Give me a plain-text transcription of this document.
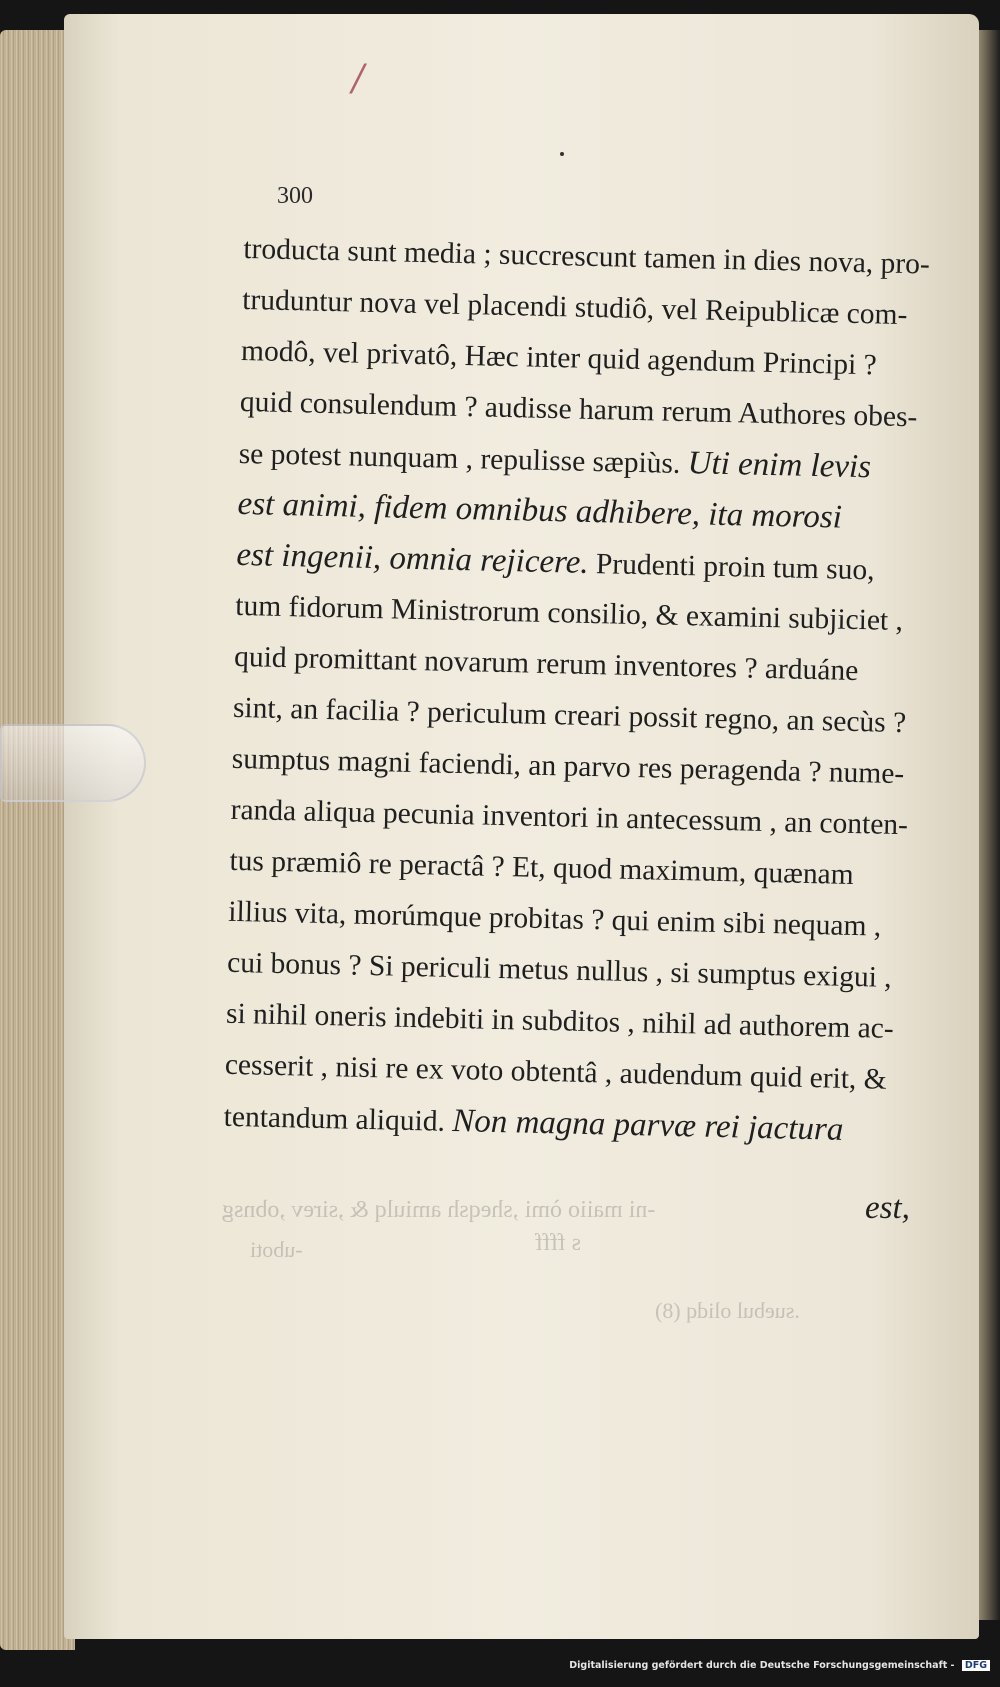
/
300
-ni maiio òmi ,sheqsh amiulq & ,sirev ,obnsg
-uboti	s ffff
.suebul olidq (8)
troducta sunt media ; succrescunt tamen in dies nova, pro-
truduntur nova vel placendi studiô, vel Reipublicæ com-
modô, vel privatô, Hæc inter quid agendum Principi ?
quid consulendum ? audisse harum rerum Authores obes-
se potest nunquam , repulisse sæpiùs. Uti enim levis
est animi, fidem omnibus adhibere, ita morosi
est ingenii, omnia rejicere. Prudenti proin tum suo,
tum fidorum Ministrorum consilio, & examini subjiciet ,
quid promittant novarum rerum inventores ? arduáne
sint, an facilia ? periculum creari possit regno, an secùs ?
sumptus magni faciendi, an parvo res peragenda ? nume-
randa aliqua pecunia inventori in antecessum , an conten-
tus præmiô re peractâ ? Et, quod maximum, quænam
illius vita, morúmque probitas ? qui enim sibi nequam ,
cui bonus ? Si periculi metus nullus , si sumptus exigui ,
si nihil oneris indebiti in subditos , nihil ad authorem ac-
cesserit , nisi re ex voto obtentâ , audendum quid erit, &
tentandum aliquid. Non magna parvæ rei jactura
est,
Digitalisierung gefördert durch die Deutsche Forschungsgemeinschaft - DFG
